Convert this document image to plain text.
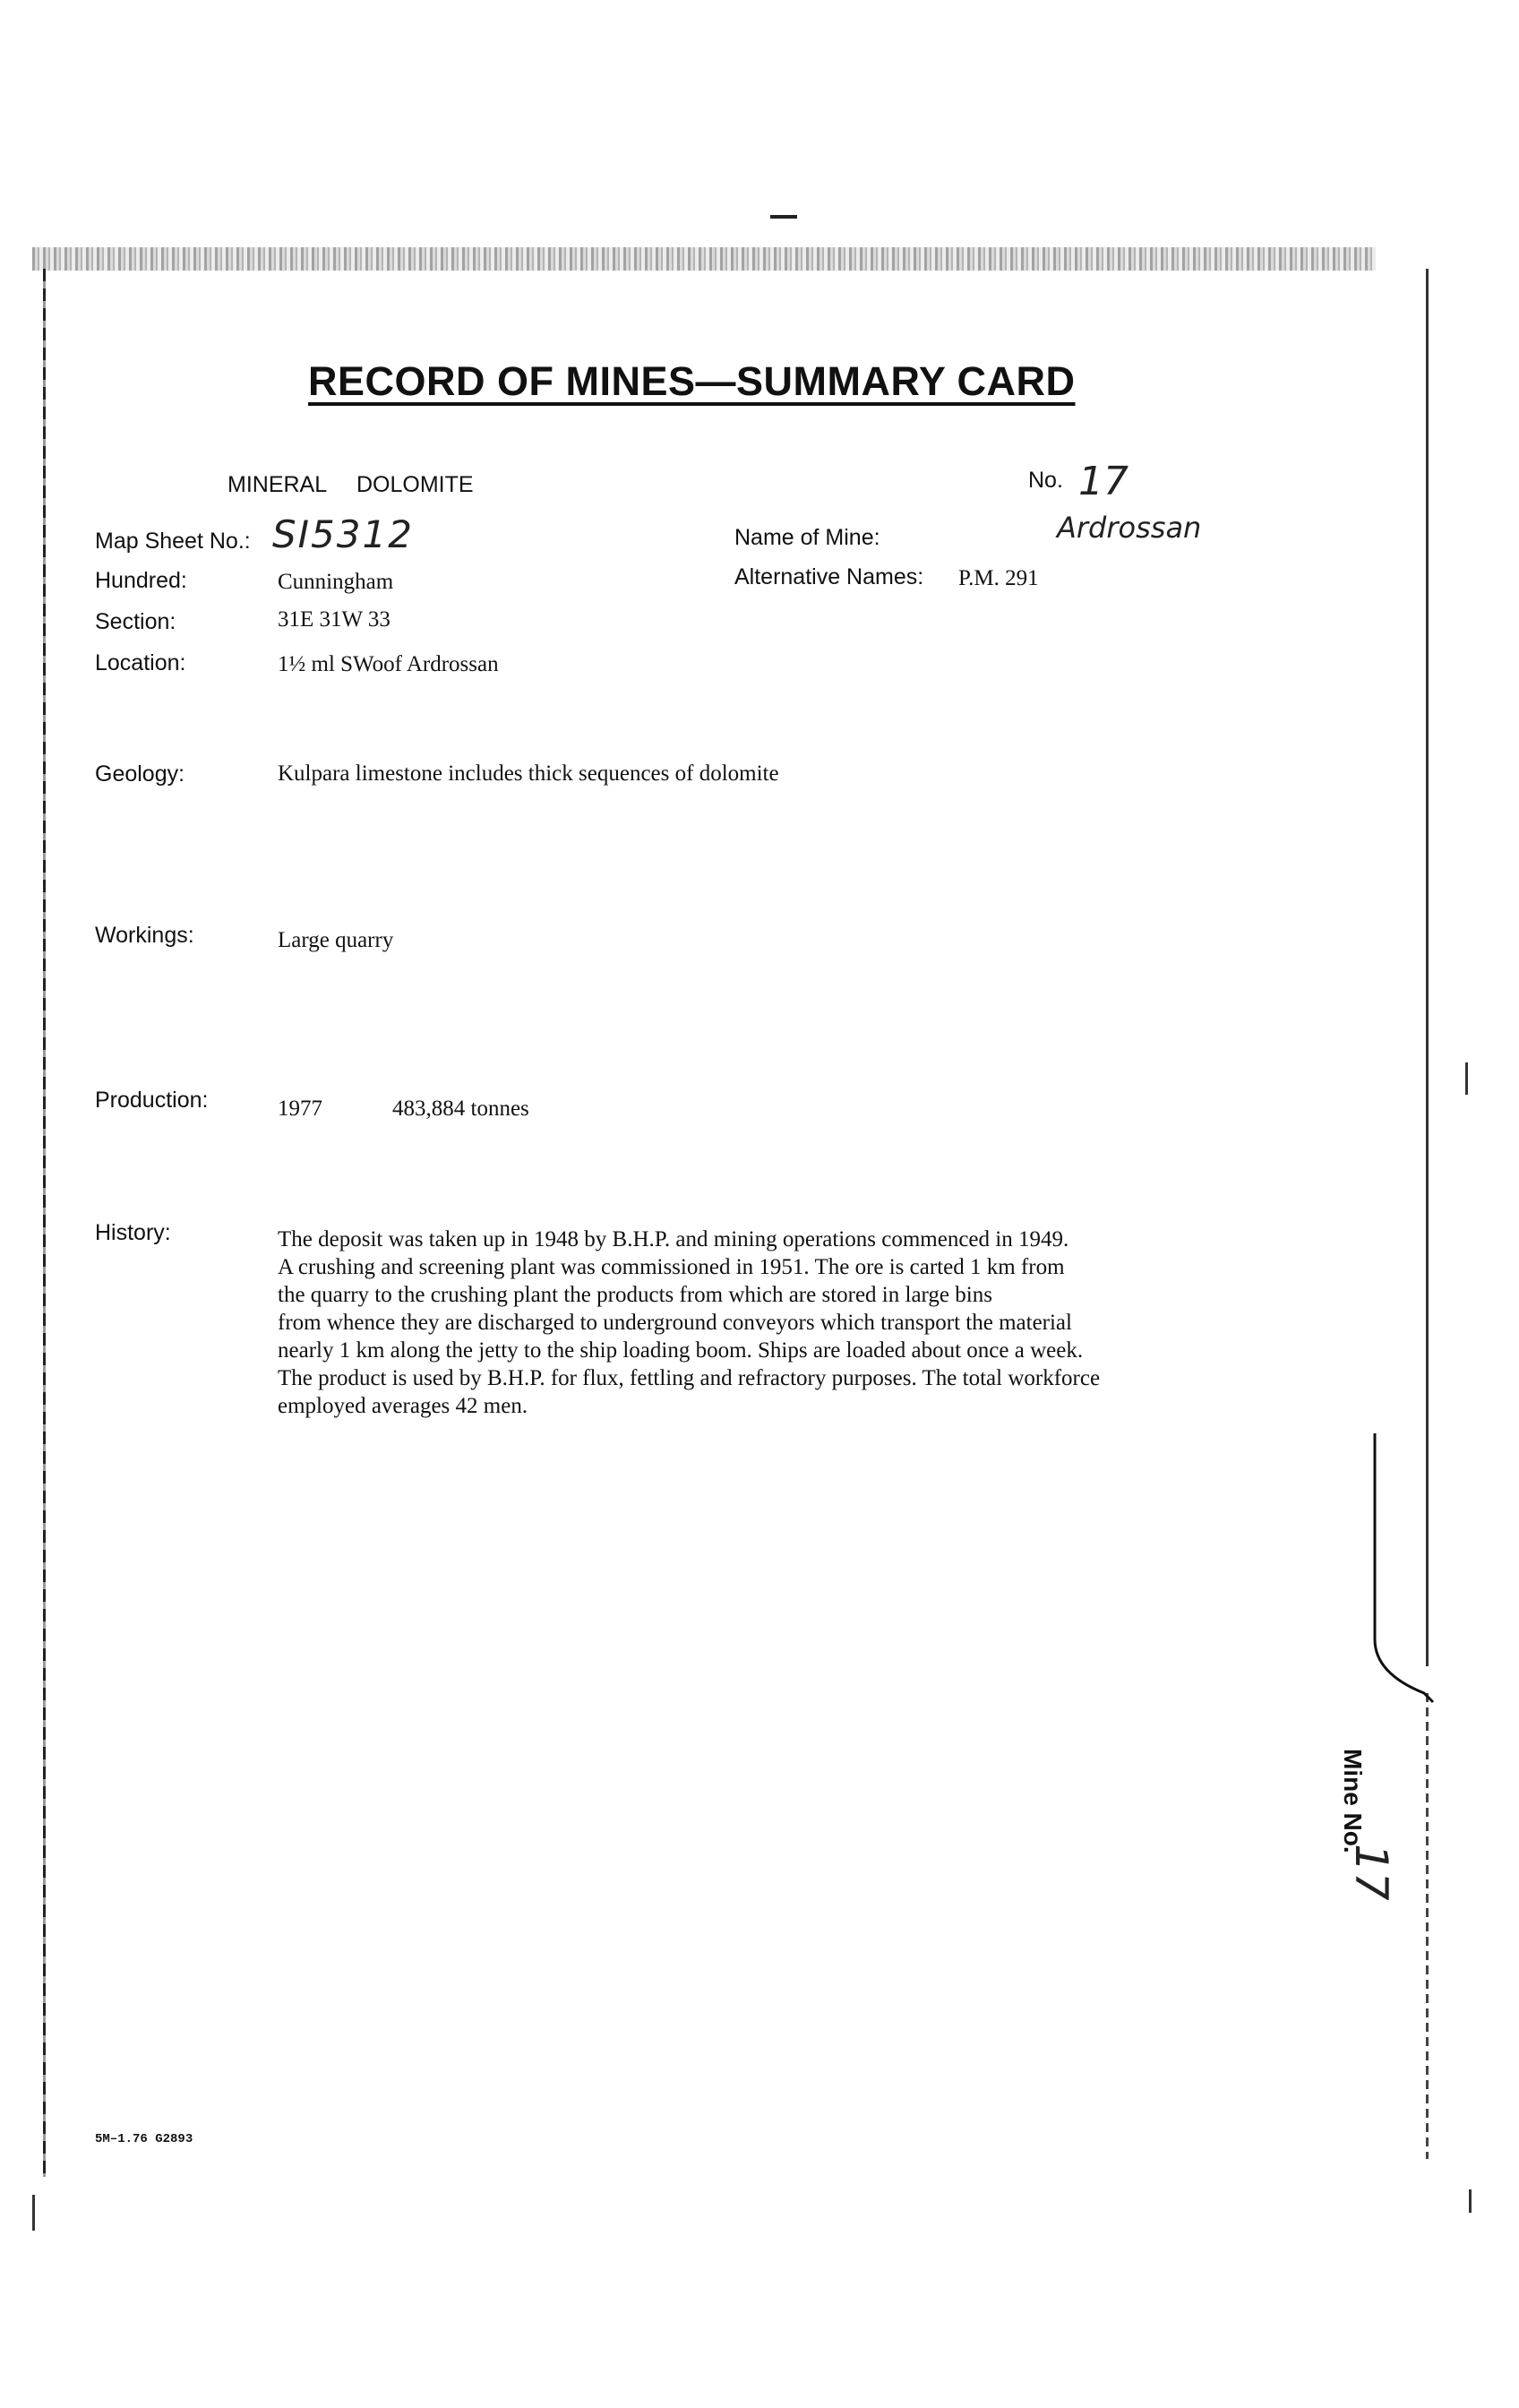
RECORD OF MINES—SUMMARY CARD
MINERAL DOLOMITE	No. 17
Map Sheet No.: SI5312	Name of Mine:	Ardrossan
Hundred:	Cunningham	Alternative Names: P.M. 291
Section:	31E 31W 33
Location:	1½ ml SWoof Ardrossan
Geology:	Kulpara limestone includes thick sequences of dolomite
Workings:	Large quarry
Production:	1977	483,884 tonnes
History:	The deposit was taken up in 1948 by B.H.P. and mining operations commenced in 1949.
A crushing and screening plant was commissioned in 1951. The ore is carted 1 km from
the quarry to the crushing plant the products from which are stored in large bins
from whence they are discharged to underground conveyors which transport the material
nearly 1 km along the jetty to the ship loading boom. Ships are loaded about once a week.
The product is used by B.H.P. for flux, fettling and refractory purposes. The total workforce
employed averages 42 men.
Mine No.
17
5M–1.76 G2893
